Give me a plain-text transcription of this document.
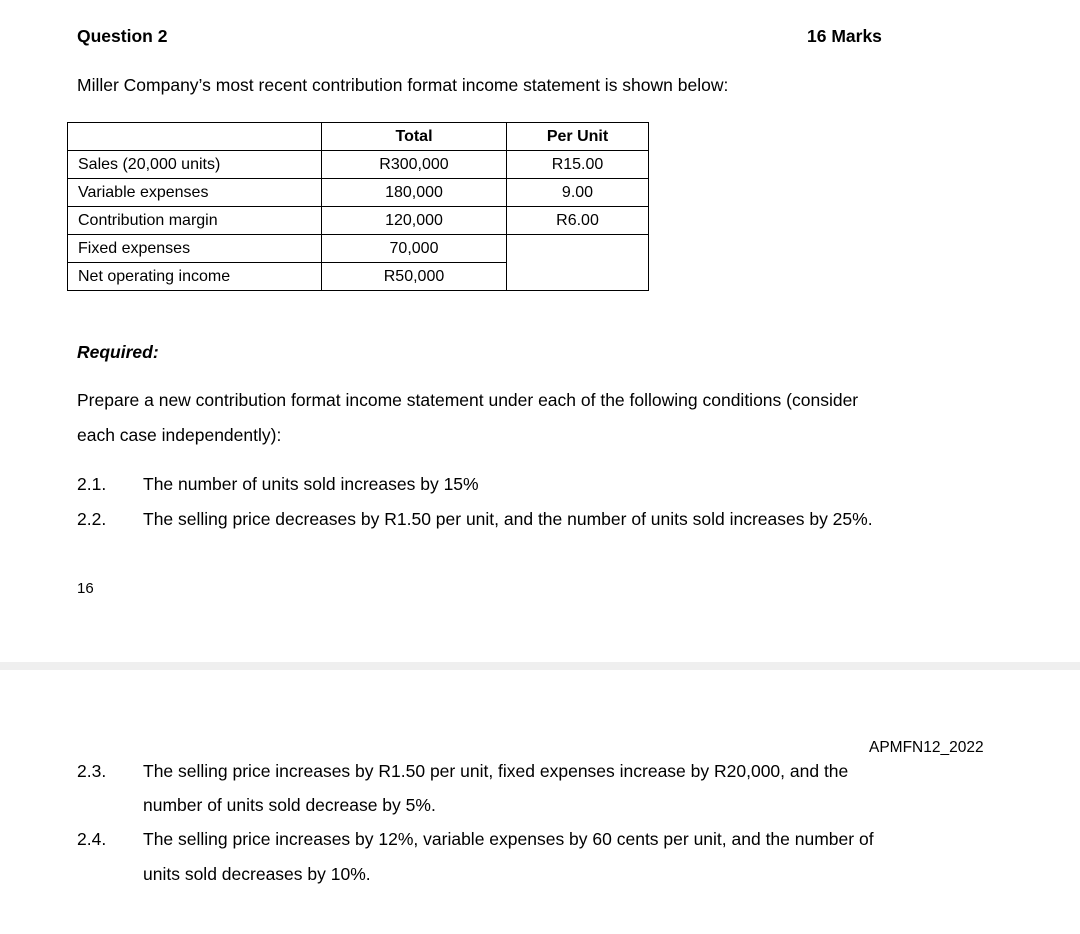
Question 2	16 Marks
Miller Company’s most recent contribution format income statement is shown below:
	Total	Per Unit
Sales (20,000 units)	R300,000	R15.00
Variable expenses	180,000	9.00
Contribution margin	120,000	R6.00
Fixed expenses	70,000	
Net operating income	R50,000	
Required:
Prepare a new contribution format income statement under each of the following conditions (consider
each case independently):
2.1. The number of units sold increases by 15%
2.2. The selling price decreases by R1.50 per unit, and the number of units sold increases by 25%.
16
APMFN12_2022
2.3. The selling price increases by R1.50 per unit, fixed expenses increase by R20,000, and the
number of units sold decrease by 5%.
2.4. The selling price increases by 12%, variable expenses by 60 cents per unit, and the number of
units sold decreases by 10%.
